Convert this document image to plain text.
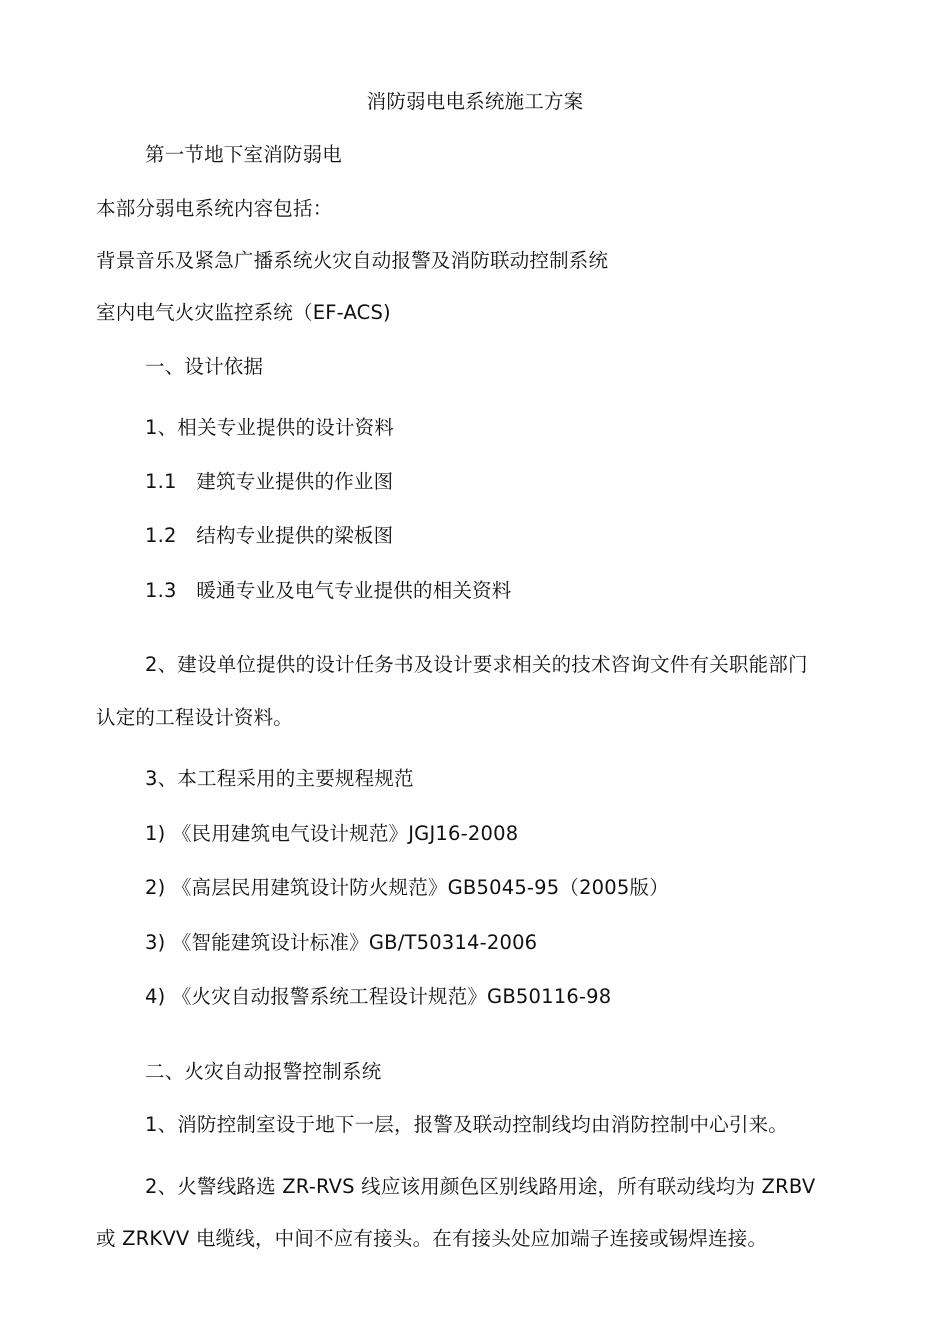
消防弱电电系统施工方案
第一节地下室消防弱电
本部分弱电系统内容包括：
背景音乐及紧急广播系统火灾自动报警及消防联动控制系统
室内电气火灾监控系统（EF-ACS)
一、设计依据
1、相关专业提供的设计资料
1.1　建筑专业提供的作业图
1.2　结构专业提供的梁板图
1.3　暖通专业及电气专业提供的相关资料
2、建设单位提供的设计任务书及设计要求相关的技术咨询文件有关职能部门
认定的工程设计资料。
3、本工程采用的主要规程规范
1) 《民用建筑电气设计规范》JGJ16-2008
2) 《高层民用建筑设计防火规范》GB5045-95（2005版）
3) 《智能建筑设计标准》GB/T50314-2006
4) 《火灾自动报警系统工程设计规范》GB50116-98
二、火灾自动报警控制系统
1、消防控制室设于地下一层，报警及联动控制线均由消防控制中心引来。
2、火警线路选 ZR-RVS 线应该用颜色区别线路用途，所有联动线均为 ZRBV
或 ZRKVV 电缆线，中间不应有接头。在有接头处应加端子连接或锡焊连接。
